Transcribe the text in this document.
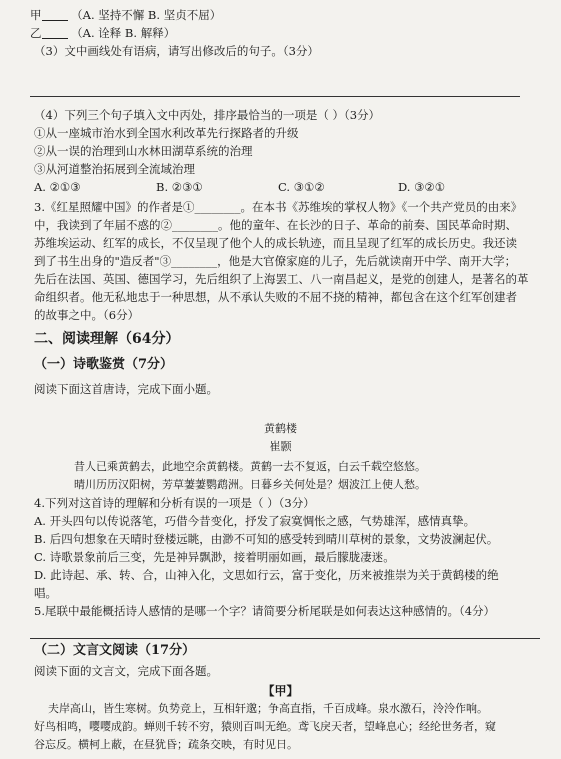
甲	（A. 坚持不懈 B. 坚贞不屈）
乙	（A. 诠释 B. 解释）
（3）文中画线处有语病，请写出修改后的句子。（3分）
（4）下列三个句子填入文中丙处，排序最恰当的一项是（ ）（3分）
①从一座城市治水到全国水利改革先行探路者的升级
②从一误的治理到山水林田湖草系统的治理
③从河道整治拓展到全流域治理
A. ②①③	B. ②③①	C. ③①②	D. ③②①
3.《红星照耀中国》的作者是①________。在本书《苏维埃的掌权人物》《一个共产党员的由来》
中，我读到了年届不惑的②________。他的童年、在长沙的日子、革命的前奏、国民革命时期、
苏维埃运动、红军的成长，不仅呈现了他个人的成长轨迹，而且呈现了红军的成长历史。我还读
到了书生出身的"造反者"③________，他是大官僚家庭的儿子，先后就读南开中学、南开大学；
先后在法国、英国、德国学习，先后组织了上海罢工、八一南昌起义，是党的创建人，是著名的革
命组织者。他无私地忠于一种思想，从不承认失败的不屈不挠的精神，都包含在这个红军创建者
的故事之中。（6分）
二、阅读理解（64分）
（一）诗歌鉴赏（7分）
阅读下面这首唐诗，完成下面小题。
黄鹤楼
崔颢
昔人已乘黄鹤去，此地空余黄鹤楼。黄鹤一去不复返，白云千载空悠悠。
晴川历历汉阳树，芳草萋萋鹦鹉洲。日暮乡关何处是？烟波江上使人愁。
4.下列对这首诗的理解和分析有误的一项是（ ）（3分）
A. 开头四句以传说落笔，巧借今昔变化，抒发了寂寞惆怅之感，气势雄浑，感情真挚。
B. 后四句想象在天晴时登楼远眺，由渺不可知的感受转到晴川草树的景象，文势波澜起伏。
C. 诗歌景象前后三变，先是神异飘渺，接着明丽如画，最后朦胧凄迷。
D. 此诗起、承、转、合，山神入化，文思如行云，富于变化，历来被推崇为关于黄鹤楼的绝
唱。
5.尾联中最能概括诗人感情的是哪一个字？请简要分析尾联是如何表达这种感情的。（4分）
（二）文言文阅读（17分）
阅读下面的文言文，完成下面各题。
【甲】
夫岸高山，皆生寒树。负势竞上，互相轩邈；争高直指，千百成峰。泉水激石，泠泠作响。
好鸟相鸣，嘤嘤成韵。蝉则千转不穷，猿则百叫无绝。鸢飞戾天者，望峰息心；经纶世务者，窥
谷忘反。横柯上蔽，在昼犹昏；疏条交映，有时见日。
